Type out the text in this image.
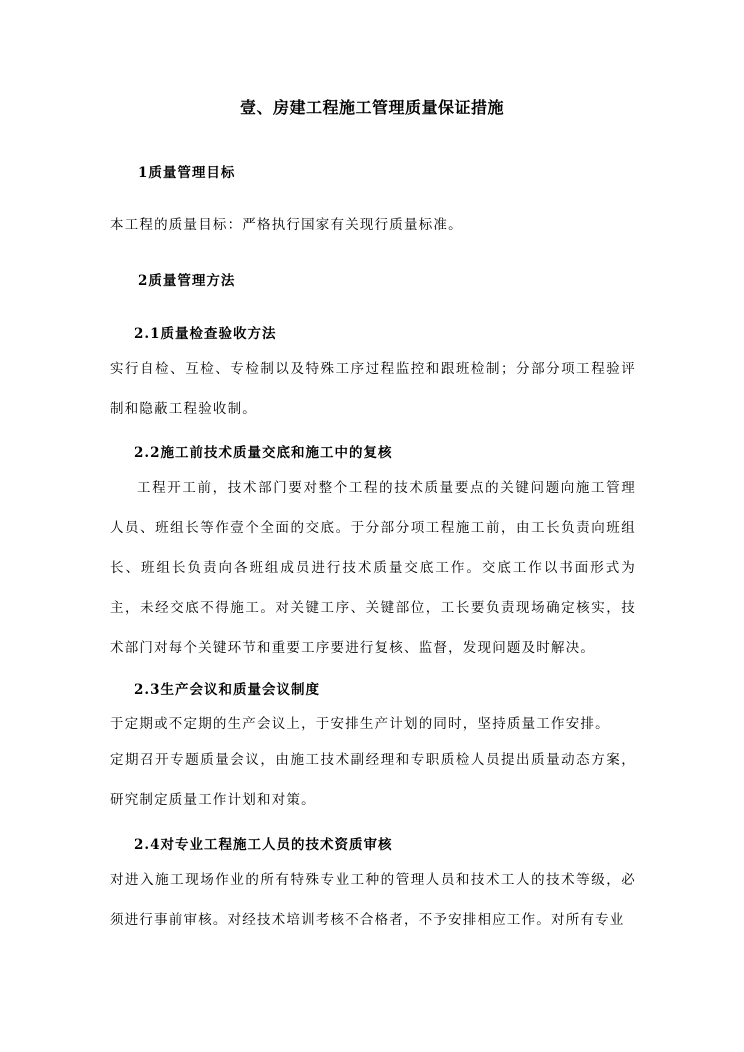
壹、房建工程施工管理质量保证措施
1质量管理目标
本工程的质量目标：严格执行国家有关现行质量标准。
2质量管理方法
2.1质量检查验收方法
实行自检、互检、专检制以及特殊工序过程监控和跟班检制；分部分项工程验评制和隐蔽工程验收制。
2.2施工前技术质量交底和施工中的复核
工程开工前，技术部门要对整个工程的技术质量要点的关键问题向施工管理人员、班组长等作壹个全面的交底。于分部分项工程施工前，由工长负责向班组长、班组长负责向各班组成员进行技术质量交底工作。交底工作以书面形式为主，未经交底不得施工。对关键工序、关键部位，工长要负责现场确定核实，技术部门对每个关键环节和重要工序要进行复核、监督，发现问题及时解决。
2.3生产会议和质量会议制度
于定期或不定期的生产会议上，于安排生产计划的同时，坚持质量工作安排。
定期召开专题质量会议，由施工技术副经理和专职质检人员提出质量动态方案，研究制定质量工作计划和对策。
2.4对专业工程施工人员的技术资质审核
对进入施工现场作业的所有特殊专业工种的管理人员和技术工人的技术等级，必须进行事前审核。对经技术培训考核不合格者，不予安排相应工作。对所有专业
